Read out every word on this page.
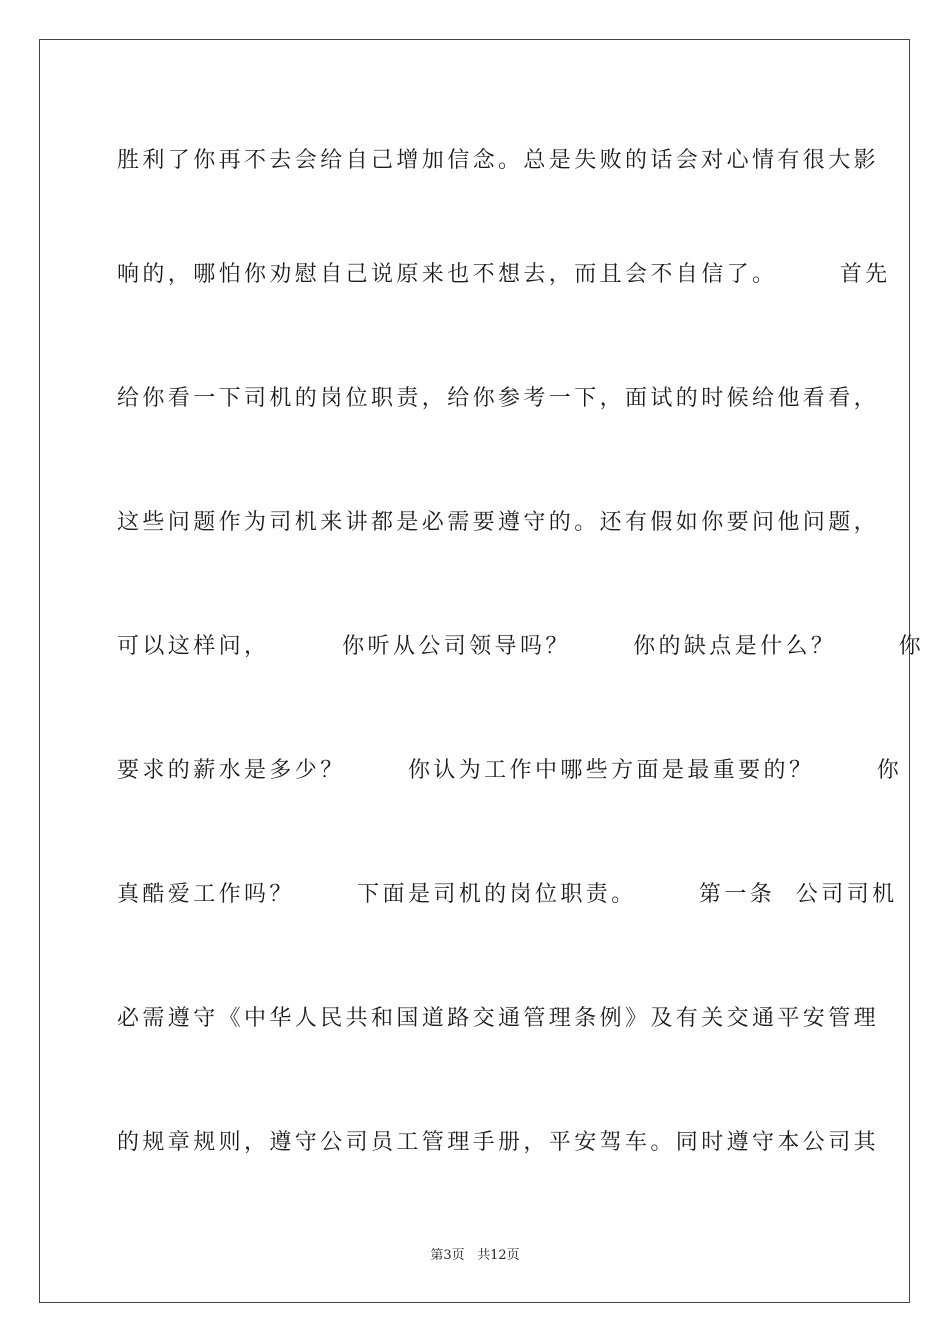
胜利了你再不去会给自己增加信念。总是失败的话会对心情有很大影
响的，哪怕你劝慰自己说原来也不想去，而且会不自信了。      首先
给你看一下司机的岗位职责，给你参考一下，面试的时候给他看看，
这些问题作为司机来讲都是必需要遵守的。还有假如你要问他问题，
可以这样问，       你听从公司领导吗？      你的缺点是什么？      你
要求的薪水是多少？      你认为工作中哪些方面是最重要的？      你
真酷爱工作吗？      下面是司机的岗位职责。      第一条  公司司机
必需遵守《中华人民共和国道路交通管理条例》及有关交通平安管理
的规章规则，遵守公司员工管理手册，平安驾车。同时遵守本公司其
第3页 共12页
